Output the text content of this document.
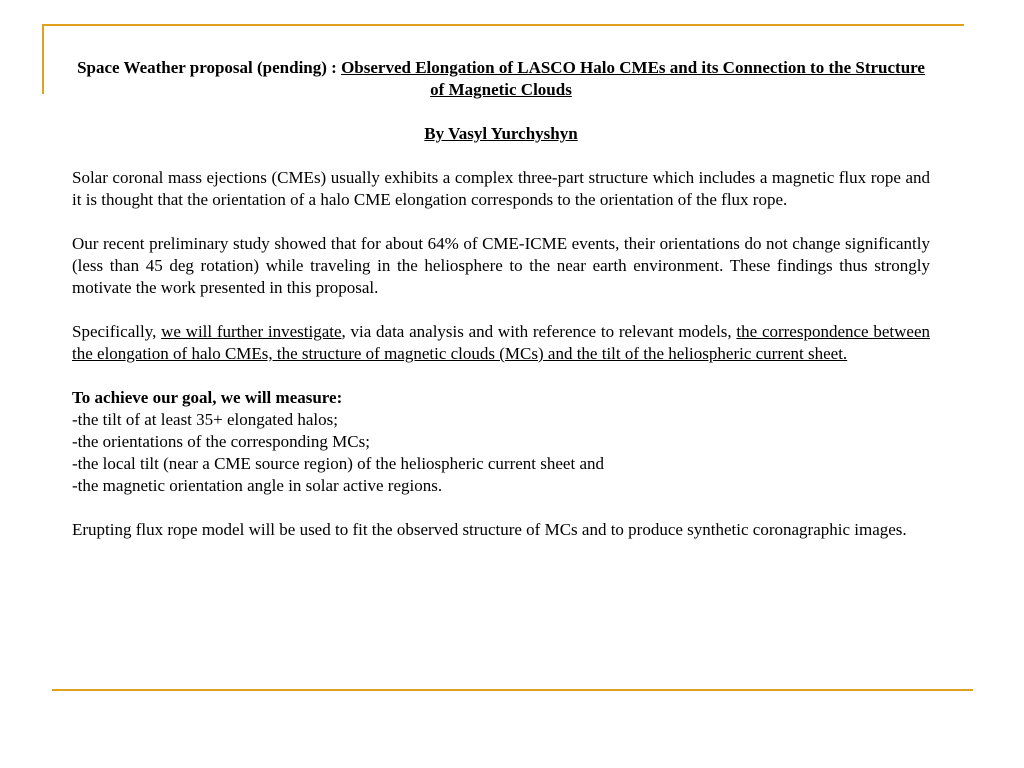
Space Weather proposal (pending) : Observed Elongation of LASCO Halo CMEs and its Connection to the Structure of Magnetic Clouds

By Vasyl Yurchyshyn

Solar coronal mass ejections (CMEs) usually exhibits a complex three-part structure which includes a magnetic flux rope and it is thought that the orientation of a halo CME elongation corresponds to the orientation of the flux rope.

Our recent preliminary study showed that for about 64% of CME-ICME events, their orientations do not change significantly (less than 45 deg rotation) while traveling in the heliosphere to the near earth environment. These findings thus strongly motivate the work presented in this proposal.

Specifically, we will further investigate, via data analysis and with reference to relevant models, the correspondence between the elongation of halo CMEs, the structure of magnetic clouds (MCs) and the tilt of the heliospheric current sheet.

To achieve our goal, we will measure:

-the tilt of at least 35+ elongated halos;
-the orientations of the corresponding MCs;
-the local tilt (near a CME source region) of the heliospheric current sheet and
-the magnetic orientation angle in solar active regions.

Erupting flux rope model will be used to fit the observed structure of MCs and to produce synthetic coronagraphic images.
